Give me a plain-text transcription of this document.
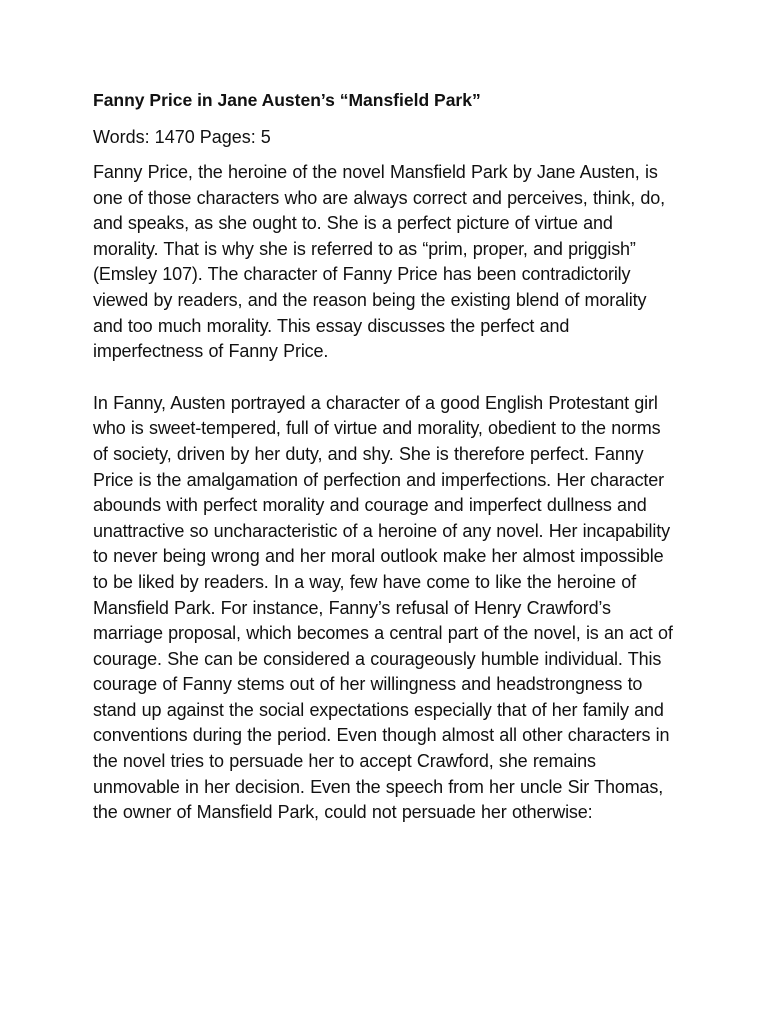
Fanny Price in Jane Austen’s “Mansfield Park”
Words: 1470 Pages: 5

Fanny Price, the heroine of the novel Mansfield Park by Jane Austen, is one of those characters who are always correct and perceives, think, do, and speaks, as she ought to. She is a perfect picture of virtue and morality. That is why she is referred to as “prim, proper, and priggish” (Emsley 107). The character of Fanny Price has been contradictorily viewed by readers, and the reason being the existing blend of morality and too much morality. This essay discusses the perfect and imperfectness of Fanny Price.

In Fanny, Austen portrayed a character of a good English Protestant girl who is sweet-tempered, full of virtue and morality, obedient to the norms of society, driven by her duty, and shy. She is therefore perfect. Fanny Price is the amalgamation of perfection and imperfections. Her character abounds with perfect morality and courage and imperfect dullness and unattractive so uncharacteristic of a heroine of any novel. Her incapability to never being wrong and her moral outlook make her almost impossible to be liked by readers. In a way, few have come to like the heroine of Mansfield Park. For instance, Fanny’s refusal of Henry Crawford’s marriage proposal, which becomes a central part of the novel, is an act of courage. She can be considered a courageously humble individual. This courage of Fanny stems out of her willingness and headstrongness to stand up against the social expectations especially that of her family and conventions during the period. Even though almost all other characters in the novel tries to persuade her to accept Crawford, she remains unmovable in her decision. Even the speech from her uncle Sir Thomas, the owner of Mansfield Park, could not persuade her otherwise:
